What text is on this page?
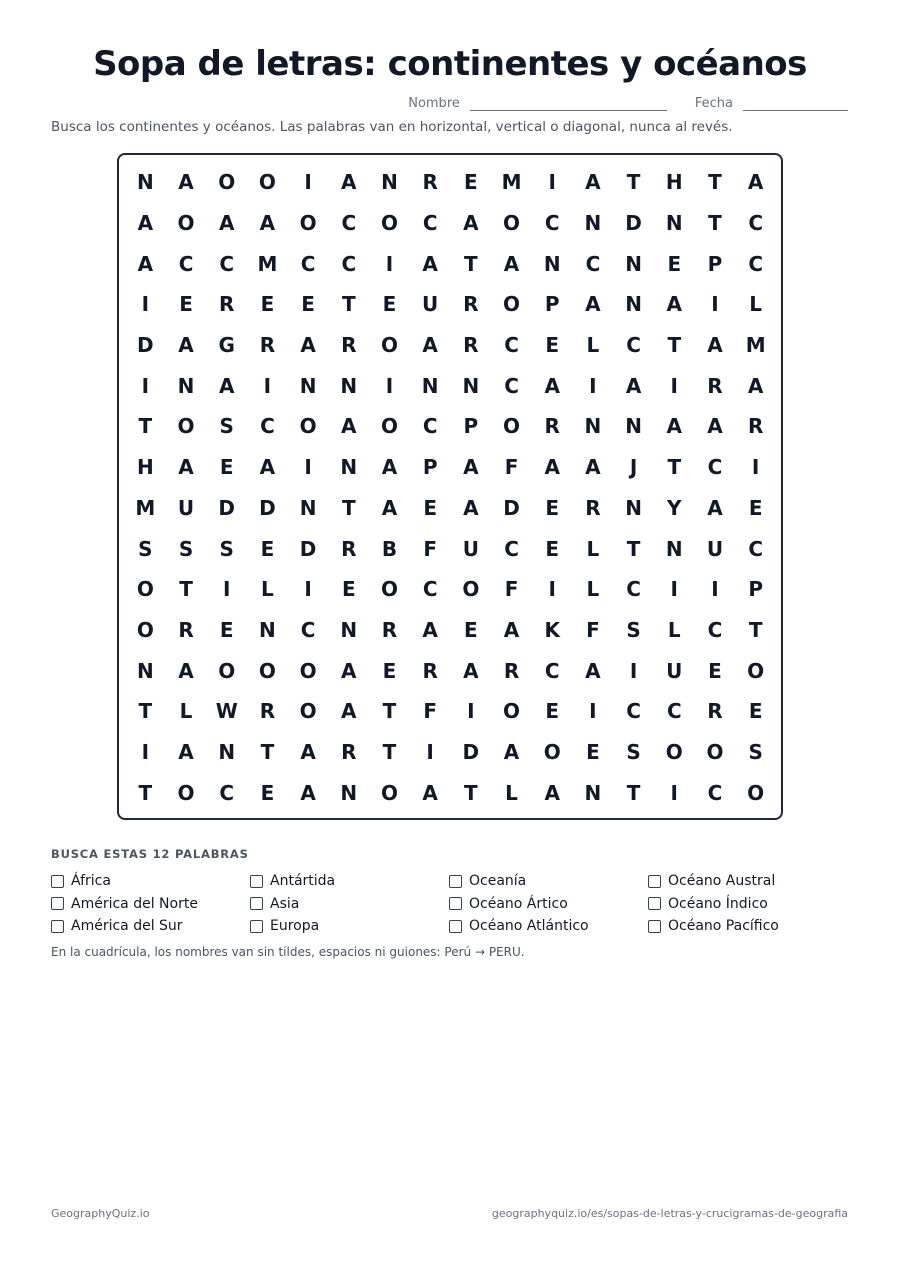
Sopa de letras: continentes y océanos
Nombre	Fecha

Busca los continentes y océanos. Las palabras van en horizontal, vertical o diagonal, nunca al revés.

N	A	O	O	I	A	N	R	E	M	I	A	T	H	T	A
A	O	A	A	O	C	O	C	A	O	C	N	D	N	T	C
A	C	C	M	C	C	I	A	T	A	N	C	N	E	P	C
I	E	R	E	E	T	E	U	R	O	P	A	N	A	I	L
D	A	G	R	A	R	O	A	R	C	E	L	C	T	A	M
I	N	A	I	N	N	I	N	N	C	A	I	A	I	R	A
T	O	S	C	O	A	O	C	P	O	R	N	N	A	A	R
H	A	E	A	I	N	A	P	A	F	A	A	J	T	C	I
M	U	D	D	N	T	A	E	A	D	E	R	N	Y	A	E
S	S	S	E	D	R	B	F	U	C	E	L	T	N	U	C
O	T	I	L	I	E	O	C	O	F	I	L	C	I	I	P
O	R	E	N	C	N	R	A	E	A	K	F	S	L	C	T
N	A	O	O	O	A	E	R	A	R	C	A	I	U	E	O
T	L	W	R	O	A	T	F	I	O	E	I	C	C	R	E
I	A	N	T	A	R	T	I	D	A	O	E	S	O	O	S
T	O	C	E	A	N	O	A	T	L	A	N	T	I	C	O
BUSCA ESTAS 12 PALABRAS
África
América del Norte
América del Sur
Antártida
Asia
Europa
Oceanía
Océano Ártico
Océano Atlántico
Océano Austral
Océano Índico
Océano Pacífico

En la cuadrícula, los nombres van sin tildes, espacios ni guiones: Perú → PERU.

GeographyQuiz.io	geographyquiz.io/es/sopas-de-letras-y-crucigramas-de-geografia
